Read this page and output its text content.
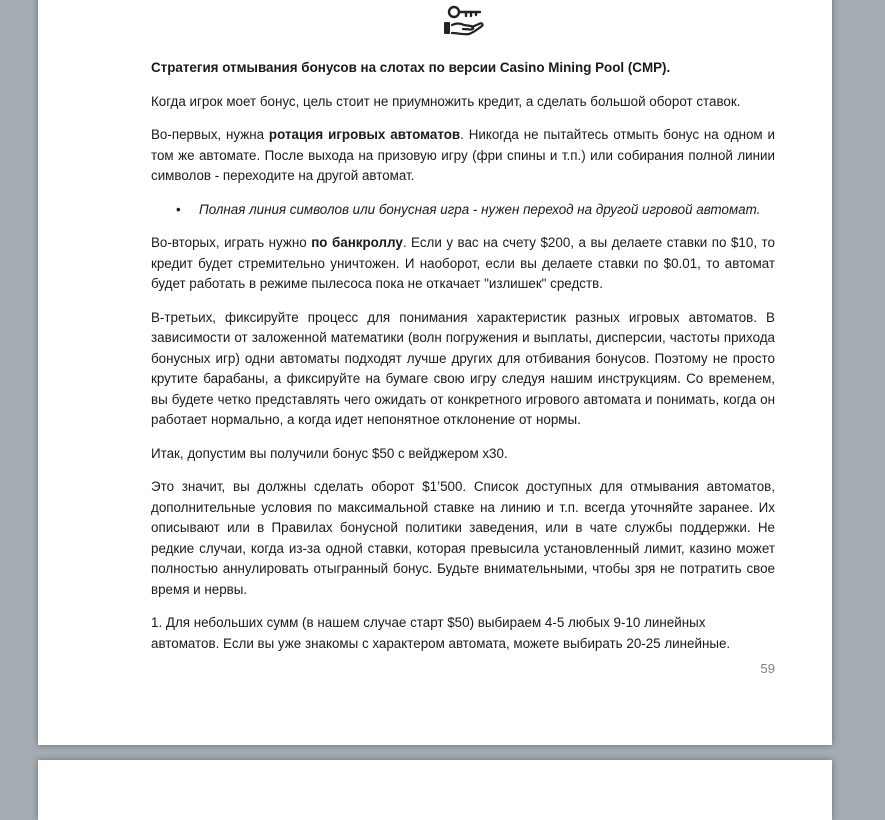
Стратегия отмывания бонусов на слотах по версии Casino Mining Pool (CMP).

Когда игрок моет бонус, цель стоит не приумножить кредит, а сделать большой оборот ставок.

Во-первых, нужна ротация игровых автоматов. Никогда не пытайтесь отмыть бонус на одном и том же автомате. После выхода на призовую игру (фри спины и т.п.) или собирания полной линии символов - переходите на другой автомат.

• Полная линия символов или бонусная игра - нужен переход на другой игровой автомат.

Во-вторых, играть нужно по банкроллу. Если у вас на счету $200, а вы делаете ставки по $10, то кредит будет стремительно уничтожен. И наоборот, если вы делаете ставки по $0.01, то автомат будет работать в режиме пылесоса пока не откачает "излишек" средств.

В-третьих, фиксируйте процесс для понимания характеристик разных игровых автоматов. В зависимости от заложенной математики (волн погружения и выплаты, дисперсии, частоты прихода бонусных игр) одни автоматы подходят лучше других для отбивания бонусов. Поэтому не просто крутите барабаны, а фиксируйте на бумаге свою игру следуя нашим инструкциям. Со временем, вы будете четко представлять чего ожидать от конкретного игрового автомата и понимать, когда он работает нормально, а когда идет непонятное отклонение от нормы.

Итак, допустим вы получили бонус $50 с вейджером x30.

Это значит, вы должны сделать оборот $1’500. Список доступных для отмывания автоматов, дополнительные условия по максимальной ставке на линию и т.п. всегда уточняйте заранее. Их описывают или в Правилах бонусной политики заведения, или в чате службы поддержки. Не редкие случаи, когда из-за одной ставки, которая превысила установленный лимит, казино может полностью аннулировать отыгранный бонус. Будьте внимательными, чтобы зря не потратить свое время и нервы.

1. Для небольших сумм (в нашем случае старт $50) выбираем 4-5 любых 9-10 линейных автоматов. Если вы уже знакомы с характером автомата, можете выбирать 20-25 линейные.

59
